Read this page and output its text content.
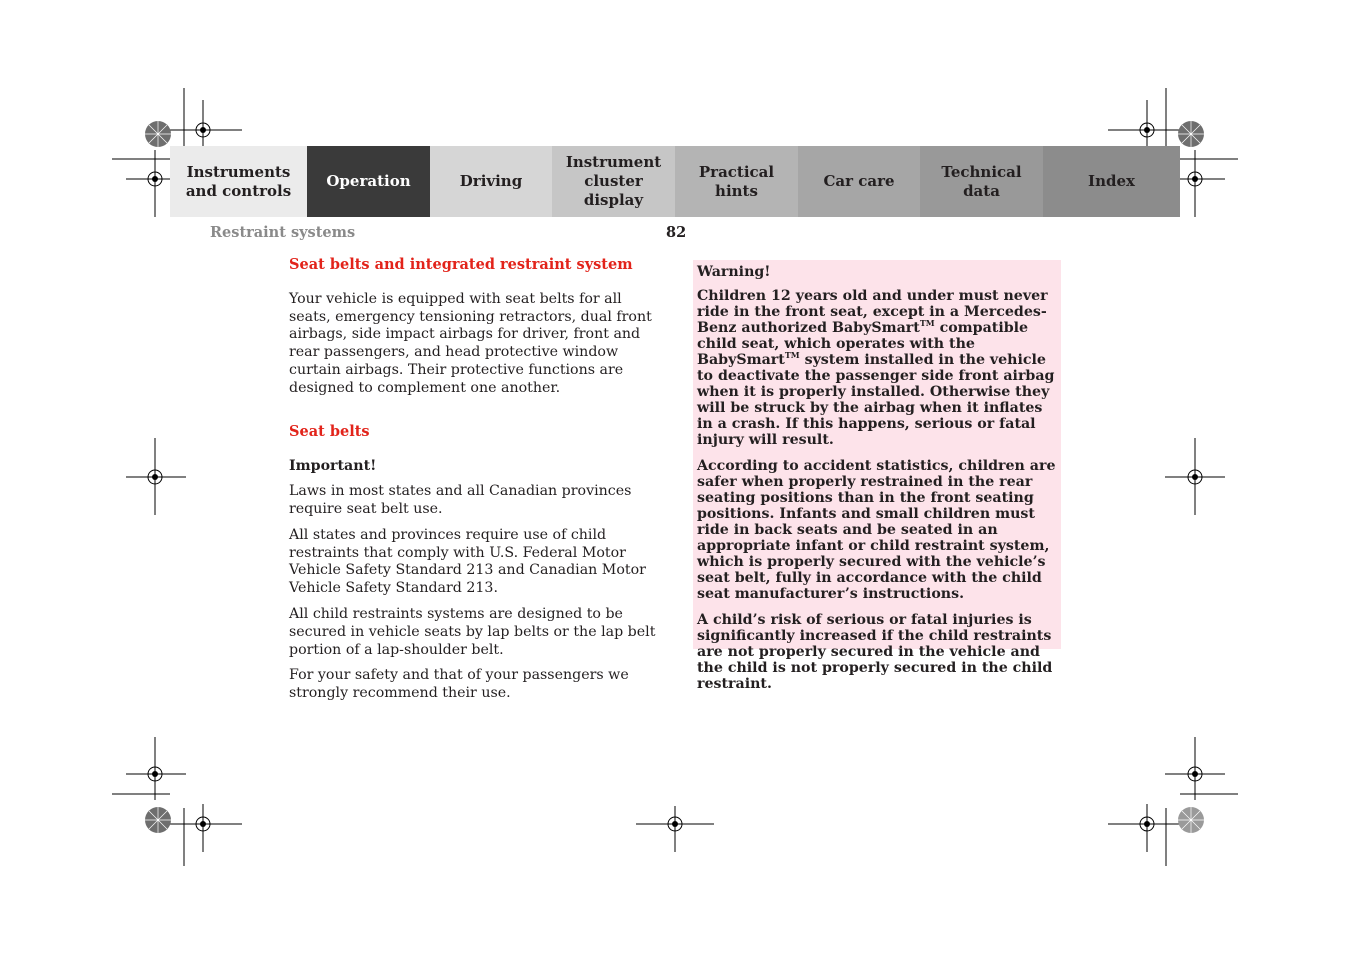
Instruments
and controls
Operation	Driving
Instrument
cluster display
Practical hints
Car care
Technical
data
Index
Restraint systems	82
Seat belts and integrated restraint system

Your vehicle is equipped with seat belts for all seats, emergency tensioning retractors, dual front airbags, side impact airbags for driver, front and rear passengers, and head protective window curtain airbags. Their protective functions are designed to complement one another.

Seat belts
Important!

Laws in most states and all Canadian provinces require seat belt use.

All states and provinces require use of child restraints that comply with U.S. Federal Motor Vehicle Safety Standard 213 and Canadian Motor Vehicle Safety Standard 213.

All child restraints systems are designed to be secured in vehicle seats by lap belts or the lap belt portion of a lap-shoulder belt.

For your safety and that of your passengers we strongly recommend their use.

Warning!

Children 12 years old and under must never ride in the front seat, except in a Mercedes-Benz authorized BabySmart™ compatible child seat, which operates with the BabySmart™ system installed in the vehicle to deactivate the passenger side front airbag when it is properly installed. Otherwise they will be struck by the airbag when it inflates in a crash. If this happens, serious or fatal injury will result.

According to accident statistics, children are safer when properly restrained in the rear seating positions than in the front seating positions. Infants and small children must ride in back seats and be seated in an appropriate infant or child restraint system, which is properly secured with the vehicle’s seat belt, fully in accordance with the child seat manufacturer’s instructions.

A child’s risk of serious or fatal injuries is significantly increased if the child restraints are not properly secured in the vehicle and the child is not properly secured in the child restraint.
